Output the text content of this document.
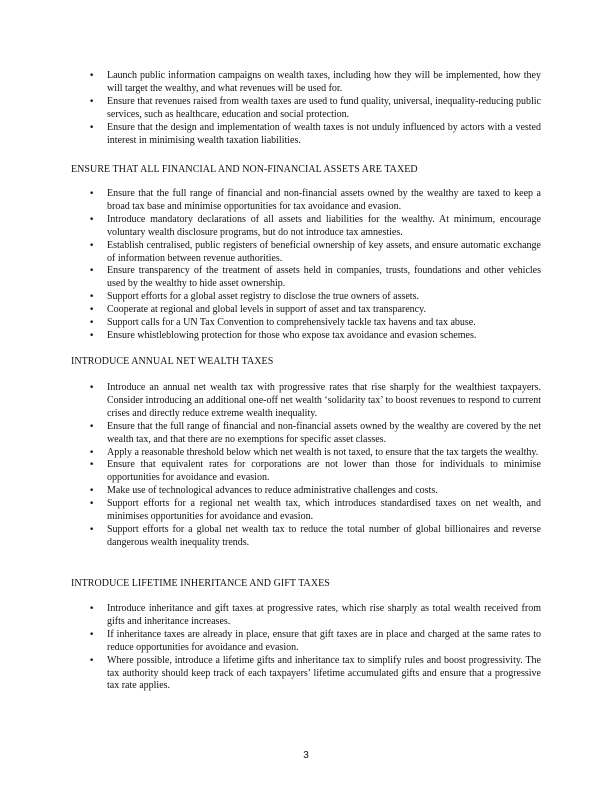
•	Launch public information campaigns on wealth taxes, including how they will be implemented, how they will target the wealthy, and what revenues will be used for.
•	Ensure that revenues raised from wealth taxes are used to fund quality, universal, inequality-reducing public services, such as healthcare, education and social protection.
•	Ensure that the design and implementation of wealth taxes is not unduly influenced by actors with a vested interest in minimising wealth taxation liabilities.
ENSURE THAT ALL FINANCIAL AND NON-FINANCIAL ASSETS ARE TAXED
•	Ensure that the full range of financial and non-financial assets owned by the wealthy are taxed to keep a broad tax base and minimise opportunities for tax avoidance and evasion.
•	Introduce mandatory declarations of all assets and liabilities for the wealthy. At minimum, encourage voluntary wealth disclosure programs, but do not introduce tax amnesties.
•	Establish centralised, public registers of beneficial ownership of key assets, and ensure automatic exchange of information between revenue authorities.
•	Ensure transparency of the treatment of assets held in companies, trusts, foundations and other vehicles used by the wealthy to hide asset ownership.
•	Support efforts for a global asset registry to disclose the true owners of assets.
•	Cooperate at regional and global levels in support of asset and tax transparency.
•	Support calls for a UN Tax Convention to comprehensively tackle tax havens and tax abuse.
•	Ensure whistleblowing protection for those who expose tax avoidance and evasion schemes.
INTRODUCE ANNUAL NET WEALTH TAXES
•	Introduce an annual net wealth tax with progressive rates that rise sharply for the wealthiest taxpayers. Consider introducing an additional one-off net wealth ‘solidarity tax’ to boost revenues to respond to current crises and directly reduce extreme wealth inequality.
•	Ensure that the full range of financial and non-financial assets owned by the wealthy are covered by the net wealth tax, and that there are no exemptions for specific asset classes.
•	Apply a reasonable threshold below which net wealth is not taxed, to ensure that the tax targets the wealthy.
•	Ensure that equivalent rates for corporations are not lower than those for individuals to minimise opportunities for avoidance and evasion.
•	Make use of technological advances to reduce administrative challenges and costs.
•	Support efforts for a regional net wealth tax, which introduces standardised taxes on net wealth, and minimises opportunities for avoidance and evasion.
•	Support efforts for a global net wealth tax to reduce the total number of global billionaires and reverse dangerous wealth inequality trends.
INTRODUCE LIFETIME INHERITANCE AND GIFT TAXES
•	Introduce inheritance and gift taxes at progressive rates, which rise sharply as total wealth received from gifts and inheritance increases.
•	If inheritance taxes are already in place, ensure that gift taxes are in place and charged at the same rates to reduce opportunities for avoidance and evasion.
•	Where possible, introduce a lifetime gifts and inheritance tax to simplify rules and boost progressivity. The tax authority should keep track of each taxpayers’ lifetime accumulated gifts and ensure that a progressive tax rate applies.
3
